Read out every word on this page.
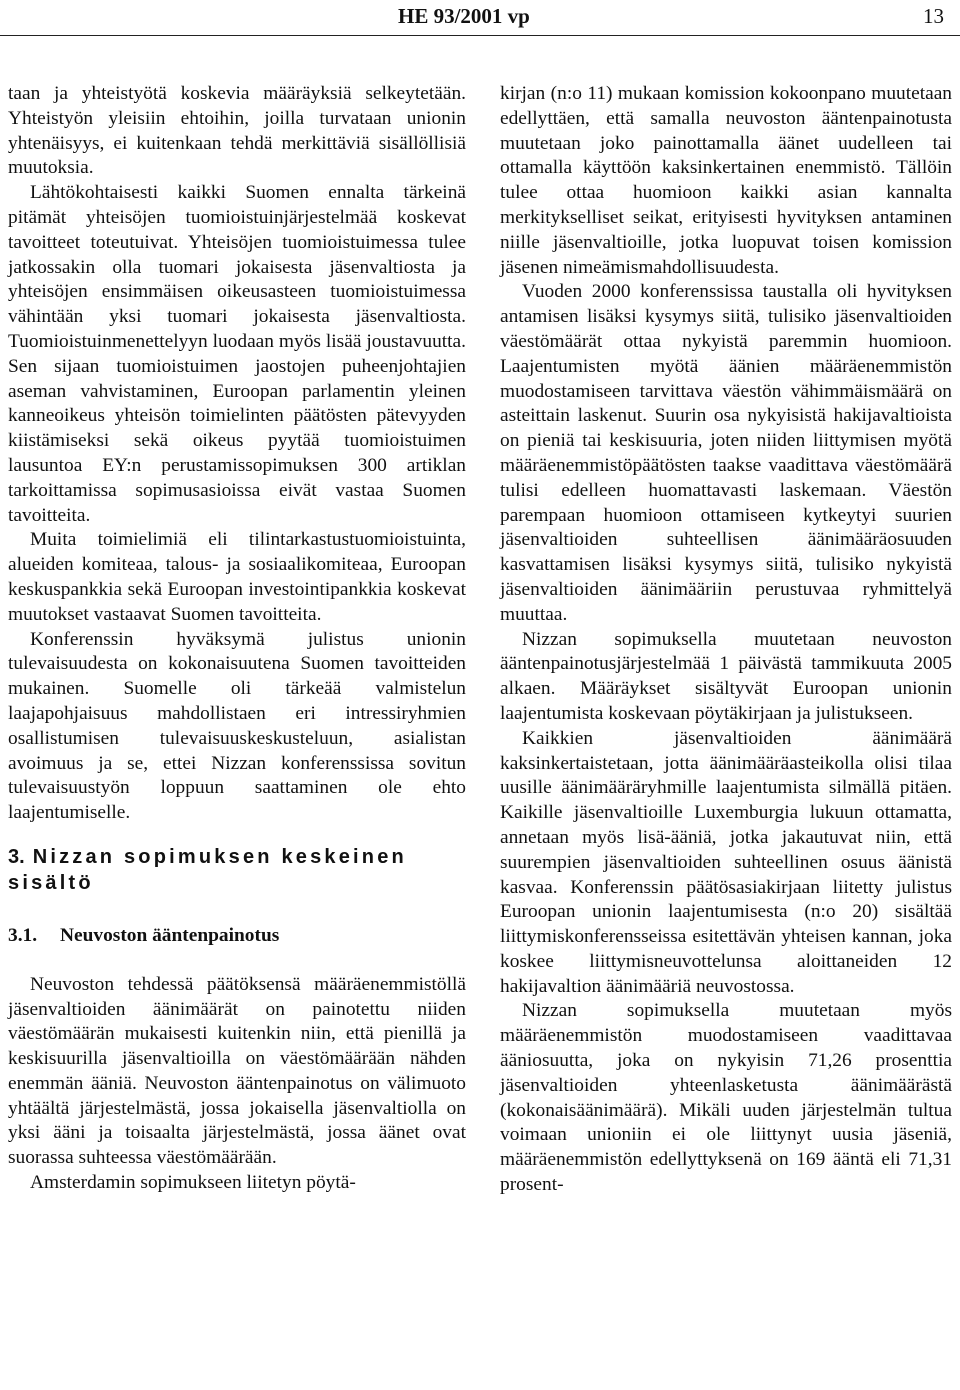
HE 93/2001 vp	13

taan ja yhteistyötä koskevia määräyksiä selkeytetään. Yhteistyön yleisiin ehtoihin, joilla turvataan unionin yhtenäisyys, ei kuitenkaan tehdä merkittäviä sisällöllisiä muutoksia.

Lähtökohtaisesti kaikki Suomen ennalta tärkeinä pitämät yhteisöjen tuomioistuinjärjestelmää koskevat tavoitteet toteutuivat. Yhteisöjen tuomioistuimessa tulee jatkossakin olla tuomari jokaisesta jäsenvaltiosta ja yhteisöjen ensimmäisen oikeusasteen tuomioistuimessa vähintään yksi tuomari jokaisesta jäsenvaltiosta. Tuomioistuinmenettelyyn luodaan myös lisää joustavuutta. Sen sijaan tuomioistuimen jaostojen puheenjohtajien aseman vahvistaminen, Euroopan parlamentin yleinen kanneoikeus yhteisön toimielinten päätösten pätevyyden kiistämiseksi sekä oikeus pyytää tuomioistuimen lausuntoa EY:n perustamissopimuksen 300 artiklan tarkoittamissa sopimusasioissa eivät vastaa Suomen tavoitteita.

Muita toimielimiä eli tilintarkastustuomioistuinta, alueiden komiteaa, talous- ja sosiaalikomiteaa, Euroopan keskuspankkia sekä Euroopan investointipankkia koskevat muutokset vastaavat Suomen tavoitteita.

Konferenssin hyväksymä julistus unionin tulevaisuudesta on kokonaisuutena Suomen tavoitteiden mukainen. Suomelle oli tärkeää valmistelun laajapohjaisuus mahdollistaen eri intressiryhmien osallistumisen tulevaisuuskeskusteluun, asialistan avoimuus ja se, ettei Nizzan konferenssissa sovitun tulevaisuustyön loppuun saattaminen ole ehto laajentumiselle.

3. Nizzan sopimuksen keskeinen sisältö
3.1. Neuvoston ääntenpainotus

Neuvoston tehdessä päätöksensä määräenemmistöllä jäsenvaltioiden äänimäärät on painotettu niiden väestömäärän mukaisesti kuitenkin niin, että pienillä ja keskisuurilla jäsenvaltioilla on väestömäärään nähden enemmän ääniä. Neuvoston ääntenpainotus on välimuoto yhtäältä järjestelmästä, jossa jokaisella jäsenvaltiolla on yksi ääni ja toisaalta järjestelmästä, jossa äänet ovat suorassa suhteessa väestömäärään.

Amsterdamin sopimukseen liitetyn pöytä-

kirjan (n:o 11) mukaan komission kokoonpano muutetaan edellyttäen, että samalla neuvoston ääntenpainotusta muutetaan joko painottamalla äänet uudelleen tai ottamalla käyttöön kaksinkertainen enemmistö. Tällöin tulee ottaa huomioon kaikki asian kannalta merkitykselliset seikat, erityisesti hyvityksen antaminen niille jäsenvaltioille, jotka luopuvat toisen komission jäsenen nimeämismahdollisuudesta.

Vuoden 2000 konferenssissa taustalla oli hyvityksen antamisen lisäksi kysymys siitä, tulisiko jäsenvaltioiden väestömäärät ottaa nykyistä paremmin huomioon. Laajentumisten myötä äänien määräenemmistön muodostamiseen tarvittava väestön vähimmäismäärä on asteittain laskenut. Suurin osa nykyisistä hakijavaltioista on pieniä tai keskisuuria, joten niiden liittymisen myötä määräenemmistöpäätösten taakse vaadittava väestömäärä tulisi edelleen huomattavasti laskemaan. Väestön parempaan huomioon ottamiseen kytkeytyi suurien jäsenvaltioiden suhteellisen äänimääräosuuden kasvattamisen lisäksi kysymys siitä, tulisiko nykyistä jäsenvaltioiden äänimääriin perustuvaa ryhmittelyä muuttaa.

Nizzan sopimuksella muutetaan neuvoston ääntenpainotusjärjestelmää 1 päivästä tammikuuta 2005 alkaen. Määräykset sisältyvät Euroopan unionin laajentumista koskevaan pöytäkirjaan ja julistukseen.

Kaikkien jäsenvaltioiden äänimäärä kaksinkertaistetaan, jotta äänimääräasteikolla olisi tilaa uusille äänimääräryhmille laajentumista silmällä pitäen. Kaikille jäsenvaltioille Luxemburgia lukuun ottamatta, annetaan myös lisä-ääniä, jotka jakautuvat niin, että suurempien jäsenvaltioiden suhteellinen osuus äänistä kasvaa. Konferenssin päätösasiakirjaan liitetty julistus Euroopan unionin laajentumisesta (n:o 20) sisältää liittymiskonferensseissa esitettävän yhteisen kannan, joka koskee liittymisneuvottelunsa aloittaneiden 12 hakijavaltion äänimääriä neuvostossa.

Nizzan sopimuksella muutetaan myös määräenemmistön muodostamiseen vaadittavaa ääniosuutta, joka on nykyisin 71,26 prosenttia jäsenvaltioiden yhteenlasketusta äänimäärästä (kokonaisäänimäärä). Mikäli uuden järjestelmän tultua voimaan unioniin ei ole liittynyt uusia jäseniä, määräenemmistön edellyttyksenä on 169 ääntä eli 71,31 prosent-
